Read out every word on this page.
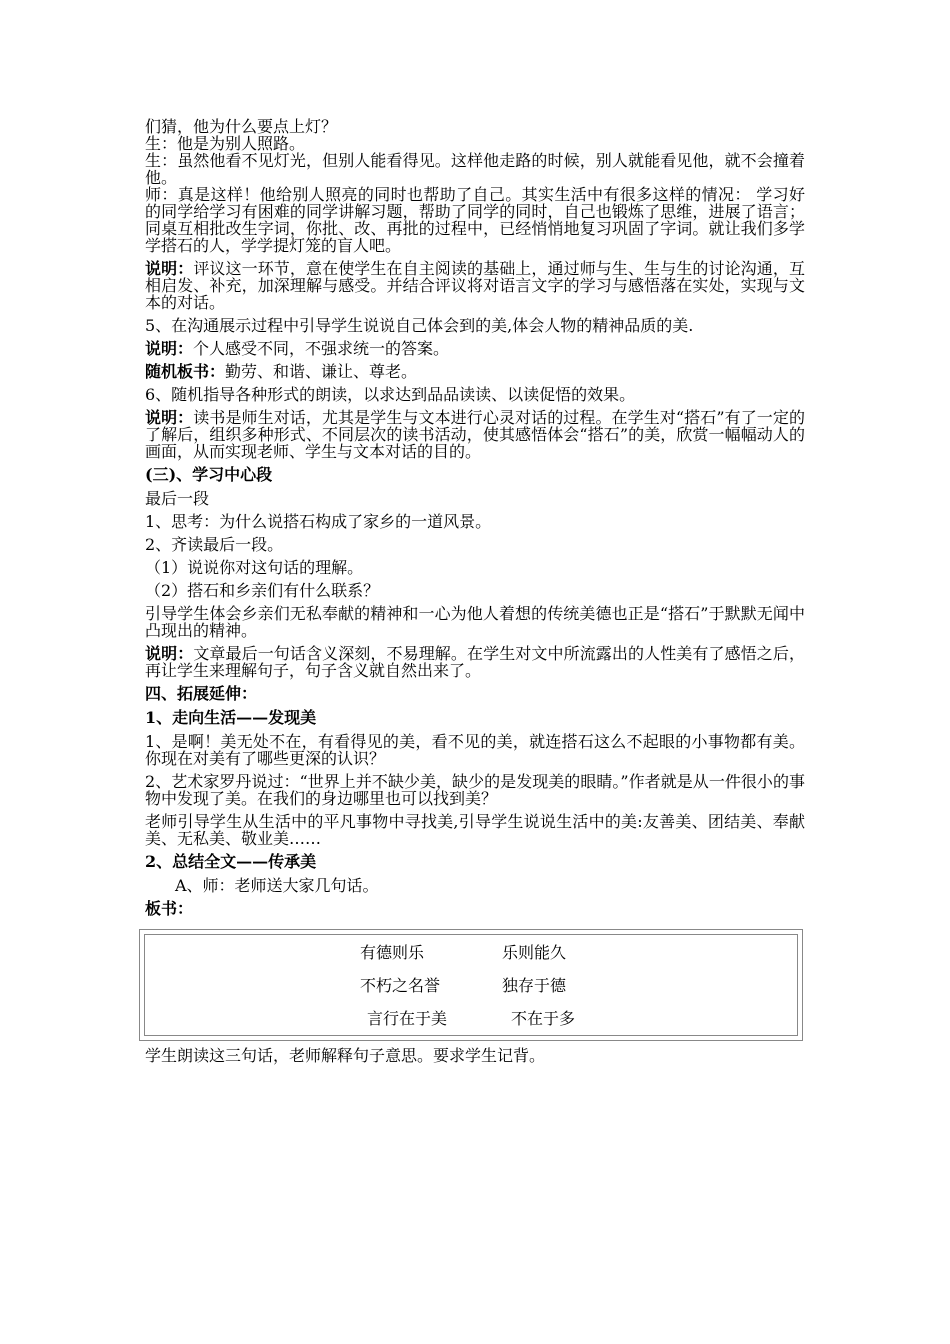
们猜，他为什么要点上灯？
生：他是为别人照路。
生：虽然他看不见灯光，但别人能看得见。这样他走路的时候，别人就能看见他，就不会撞着他。
师：真是这样！他给别人照亮的同时也帮助了自己。其实生活中有很多这样的情况： 学习好的同学给学习有困难的同学讲解习题，帮助了同学的同时，自己也锻炼了思维，进展了语言；同桌互相批改生字词，你批、改、再批的过程中，已经悄悄地复习巩固了字词。就让我们多学学搭石的人，学学提灯笼的盲人吧。
说明：评议这一环节，意在使学生在自主阅读的基础上，通过师与生、生与生的讨论沟通，互相启发、补充，加深理解与感受。并结合评议将对语言文字的学习与感悟落在实处，实现与文本的对话。
5、在沟通展示过程中引导学生说说自己体会到的美,体会人物的精神品质的美.
说明：个人感受不同，不强求统一的答案。
随机板书：勤劳、和谐、谦让、尊老。
6、随机指导各种形式的朗读，以求达到品品读读、以读促悟的效果。
说明：读书是师生对话，尤其是学生与文本进行心灵对话的过程。在学生对“搭石”有了一定的了解后，组织多种形式、不同层次的读书活动，使其感悟体会“搭石”的美，欣赏一幅幅动人的画面，从而实现老师、学生与文本对话的目的。
(三)、学习中心段
最后一段
1、思考：为什么说搭石构成了家乡的一道风景。
2、齐读最后一段。
（1）说说你对这句话的理解。
（2）搭石和乡亲们有什么联系？
引导学生体会乡亲们无私奉献的精神和一心为他人着想的传统美德也正是“搭石”于默默无闻中凸现出的精神。
说明：文章最后一句话含义深刻，不易理解。在学生对文中所流露出的人性美有了感悟之后，再让学生来理解句子，句子含义就自然出来了。
四、拓展延伸：
1、走向生活——发现美
1、是啊！美无处不在，有看得见的美，看不见的美，就连搭石这么不起眼的小事物都有美。你现在对美有了哪些更深的认识？
2、艺术家罗丹说过：“世界上并不缺少美，缺少的是发现美的眼睛。”作者就是从一件很小的事物中发现了美。在我们的身边哪里也可以找到美？
老师引导学生从生活中的平凡事物中寻找美,引导学生说说生活中的美:友善美、团结美、奉献美、无私美、敬业美……
2、总结全文——传承美
A、师：老师送大家几句话。
板书：
有德则乐	乐则能久
不朽之名誉	独存于德
言行在于美	不在于多
学生朗读这三句话，老师解释句子意思。要求学生记背。
